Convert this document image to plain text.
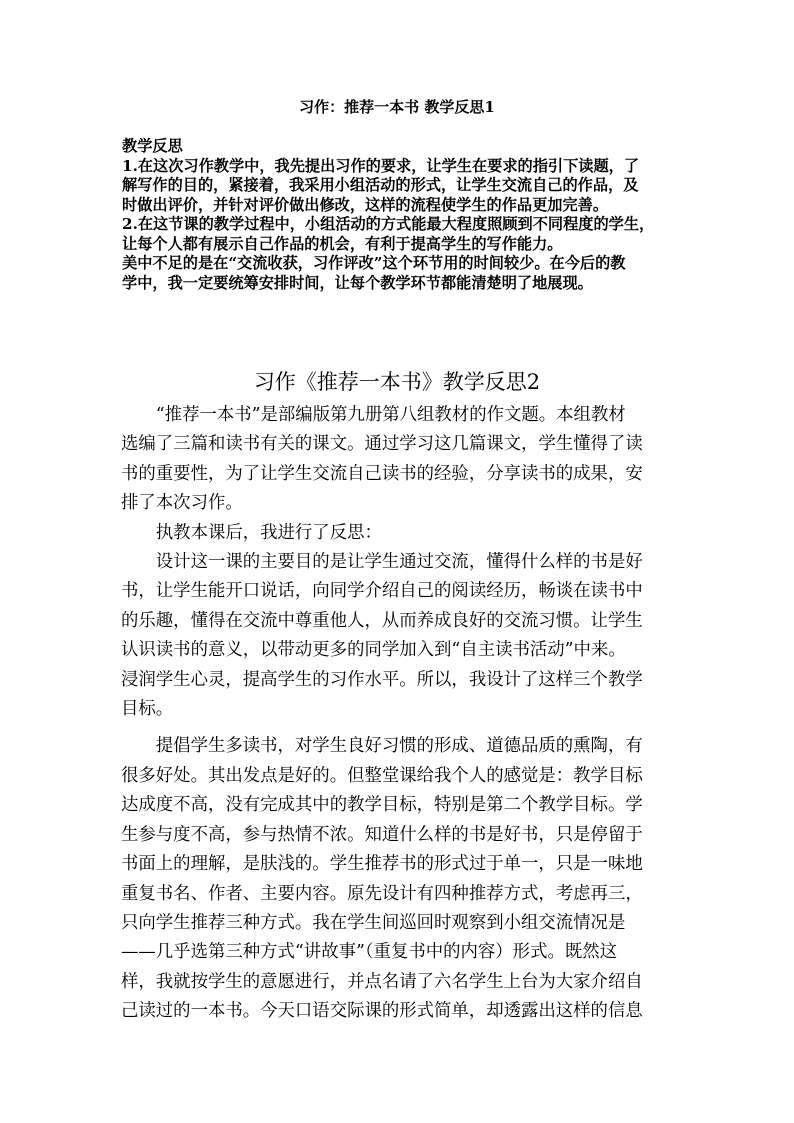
习作：推荐一本书 教学反思1
教学反思
1.在这次习作教学中，我先提出习作的要求，让学生在要求的指引下读题，了
解写作的目的，紧接着，我采用小组活动的形式，让学生交流自己的作品，及
时做出评价，并针对评价做出修改，这样的流程使学生的作品更加完善。
2.在这节课的教学过程中，小组活动的方式能最大程度照顾到不同程度的学生，
让每个人都有展示自己作品的机会，有利于提高学生的写作能力。
美中不足的是在“交流收获，习作评改”这个环节用的时间较少。在今后的教
学中，我一定要统筹安排时间，让每个教学环节都能清楚明了地展现。
习作《推荐一本书》教学反思2
　　“推荐一本书”是部编版第九册第八组教材的作文题。本组教材
选编了三篇和读书有关的课文。通过学习这几篇课文，学生懂得了读
书的重要性，为了让学生交流自己读书的经验，分享读书的成果，安
排了本次习作。
　　执教本课后，我进行了反思：
　　设计这一课的主要目的是让学生通过交流，懂得什么样的书是好
书，让学生能开口说话，向同学介绍自己的阅读经历，畅谈在读书中
的乐趣，懂得在交流中尊重他人，从而养成良好的交流习惯。让学生
认识读书的意义，以带动更多的同学加入到“自主读书活动”中来。
浸润学生心灵，提高学生的习作水平。所以，我设计了这样三个教学
目标。
　　提倡学生多读书，对学生良好习惯的形成、道德品质的熏陶，有
很多好处。其出发点是好的。但整堂课给我个人的感觉是：教学目标
达成度不高，没有完成其中的教学目标，特别是第二个教学目标。学
生参与度不高，参与热情不浓。知道什么样的书是好书，只是停留于
书面上的理解，是肤浅的。学生推荐书的形式过于单一，只是一味地
重复书名、作者、主要内容。原先设计有四种推荐方式，考虑再三，
只向学生推荐三种方式。我在学生间巡回时观察到小组交流情况是
——几乎选第三种方式“讲故事”（重复书中的内容）形式。既然这
样，我就按学生的意愿进行，并点名请了六名学生上台为大家介绍自
己读过的一本书。今天口语交际课的形式简单，却透露出这样的信息
